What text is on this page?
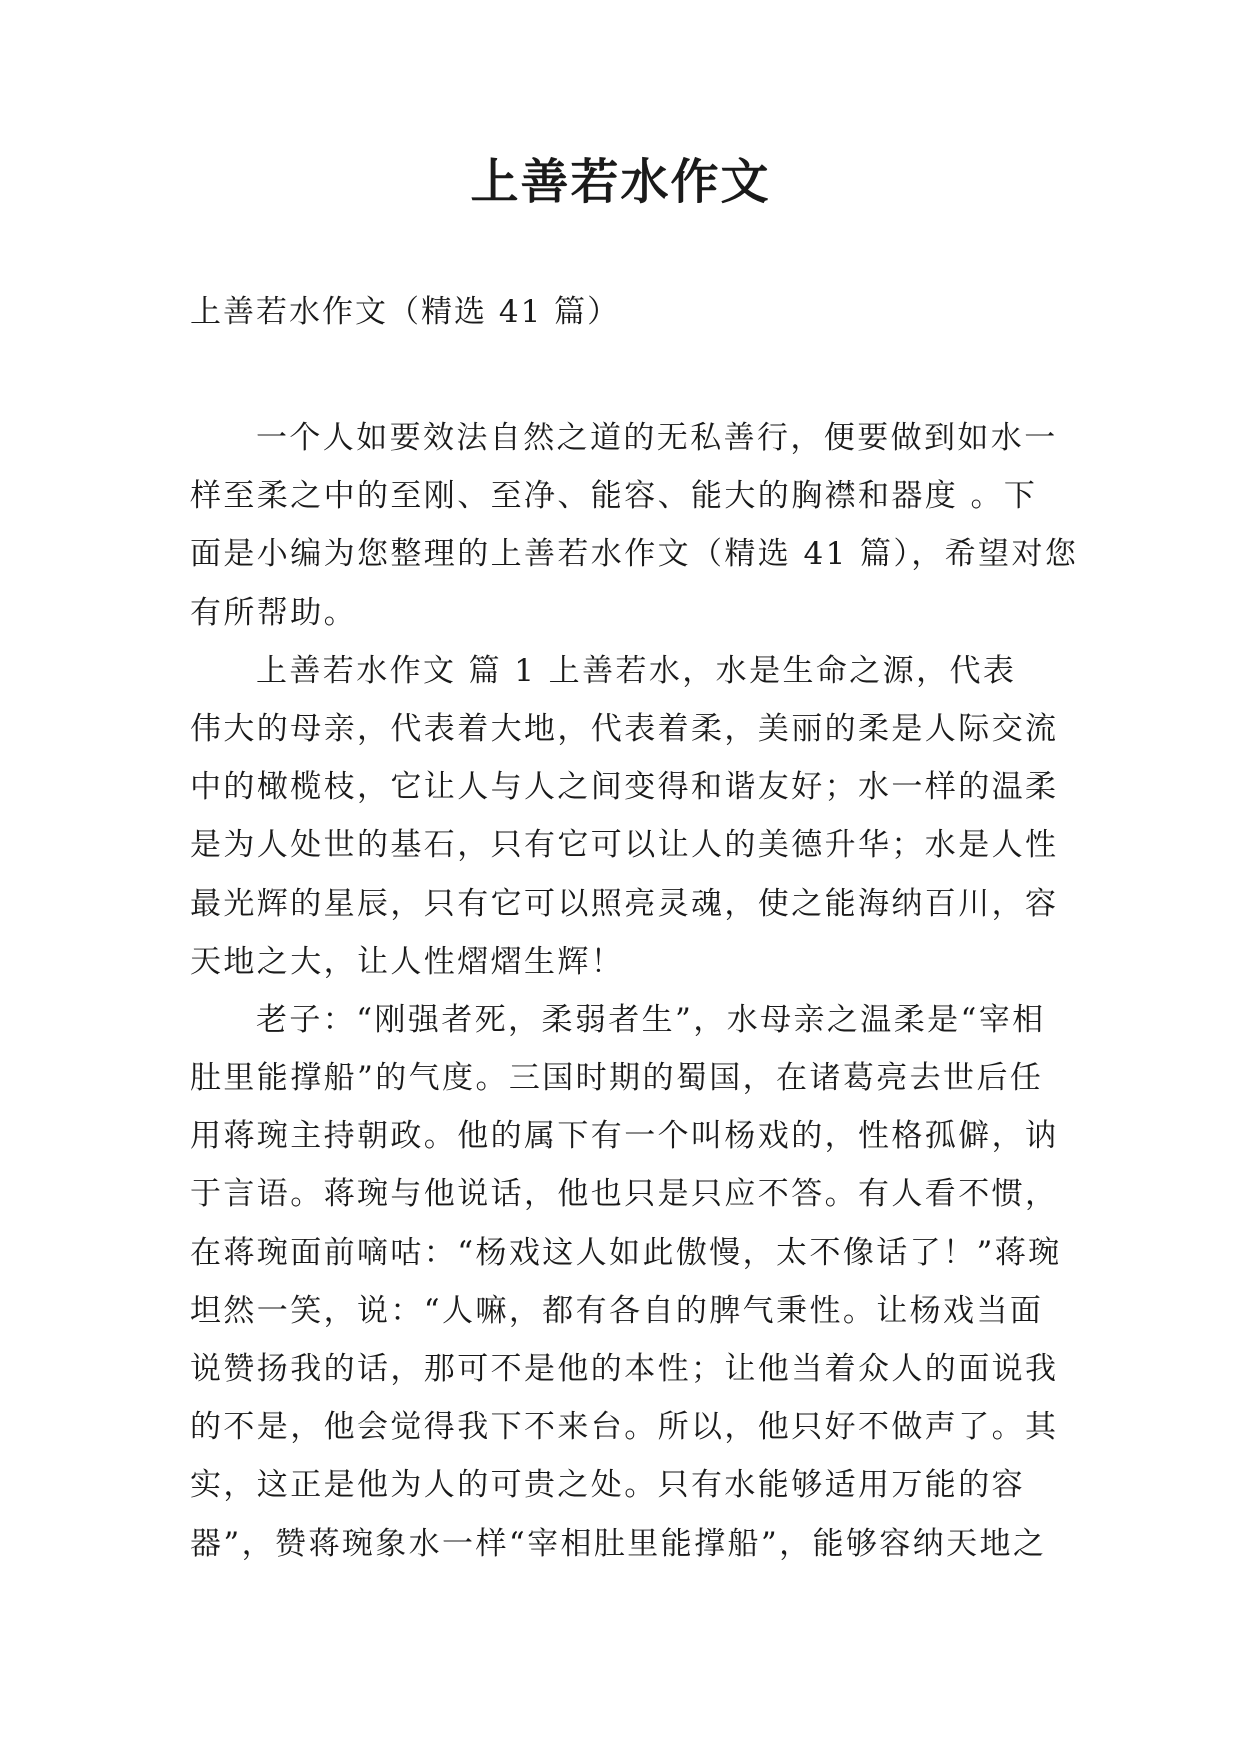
上善若水作文

上善若水作文（精选 41 篇）

一个人如要效法自然之道的无私善行，便要做到如水一
样至柔之中的至刚、至净、能容、能大的胸襟和器度 。下
面是小编为您整理的上善若水作文（精选 41 篇），希望对您
有所帮助。
上善若水作文 篇 1 上善若水，水是生命之源，代表
伟大的母亲，代表着大地，代表着柔，美丽的柔是人际交流
中的橄榄枝，它让人与人之间变得和谐友好；水一样的温柔
是为人处世的基石，只有它可以让人的美德升华；水是人性
最光辉的星辰，只有它可以照亮灵魂，使之能海纳百川，容
天地之大，让人性熠熠生辉！
老子：“刚强者死，柔弱者生”，水母亲之温柔是“宰相
肚里能撑船”的气度。三国时期的蜀国，在诸葛亮去世后任
用蒋琬主持朝政。他的属下有一个叫杨戏的，性格孤僻，讷
于言语。蒋琬与他说话，他也只是只应不答。有人看不惯，
在蒋琬面前嘀咕：“杨戏这人如此傲慢，太不像话了！”蒋琬
坦然一笑，说：“人嘛，都有各自的脾气秉性。让杨戏当面
说赞扬我的话，那可不是他的本性；让他当着众人的面说我
的不是，他会觉得我下不来台。所以，他只好不做声了。其
实，这正是他为人的可贵之处。只有水能够适用万能的容
器”，赞蒋琬象水一样“宰相肚里能撑船”，能够容纳天地之
